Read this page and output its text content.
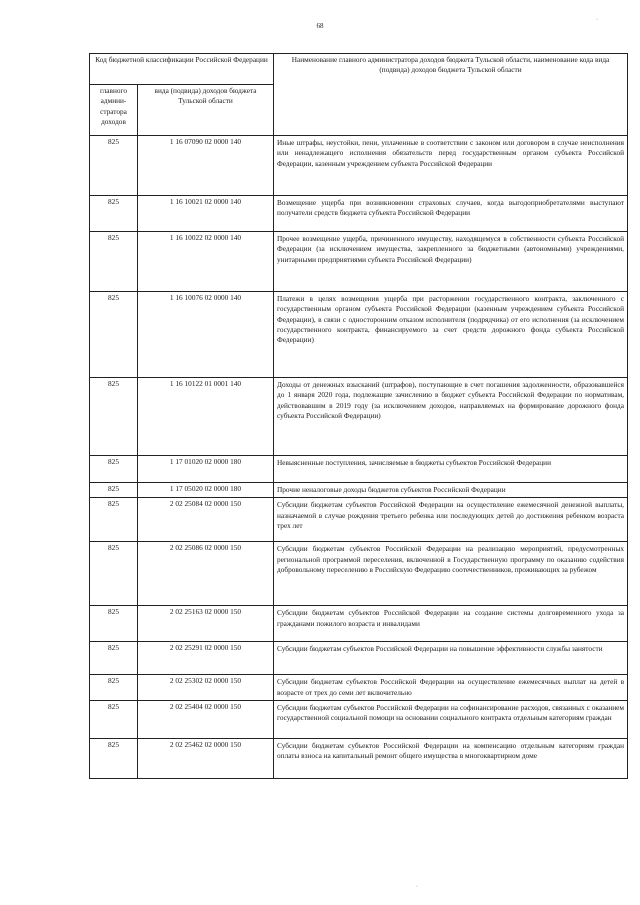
68
Код бюджетной классификации Российской Федерации		Наименование главного администратора доходов бюджета Тульской области, наименование кода вида (подвида) доходов бюджета Тульской области
главного админи-стратора доходов	вида (подвида) доходов бюджета Тульской области	
825	1 16 07090 02 0000 140	Иные штрафы, неустойки, пени, уплаченные в соответствии с законом или договором в случае неисполнения или ненадлежащего исполнения обязательств перед государственным органом субъекта Российской Федерации, казенным учреждением субъекта Российской Федерации
825	1 16 10021 02 0000 140	Возмещение ущерба при возникновении страховых случаев, когда выгодоприобретателями выступают получатели средств бюджета субъекта Российской Федерации
825	1 16 10022 02 0000 140	Прочее возмещение ущерба, причиненного имуществу, находящемуся в собственности субъекта Российской Федерации (за исключением имущества, закрепленного за бюджетными (автономными) учреждениями, унитарными предприятиями субъекта Российской Федерации)
825	1 16 10076 02 0000 140	Платежи в целях возмещения ущерба при расторжении государственного контракта, заключенного с государственным органом субъекта Российской Федерации (казенным учреждением субъекта Российской Федерации), в связи с односторонним отказом исполнителя (подрядчика) от его исполнения (за исключением государственного контракта, финансируемого за счет средств дорожного фонда субъекта Российской Федерации)
825	1 16 10122 01 0001 140	Доходы от денежных взысканий (штрафов), поступающие в счет погашения задолженности, образовавшейся до 1 января 2020 года, подлежащие зачислению в бюджет субъекта Российской Федерации по нормативам, действовавшим в 2019 году (за исключением доходов, направляемых на формирование дорожного фонда субъекта Российской Федерации)
825	1 17 01020 02 0000 180	Невыясненные поступления, зачисляемые в бюджеты субъектов Российской Федерации
825	1 17 05020 02 0000 180	Прочие неналоговые доходы бюджетов субъектов Российской Федерации
825	2 02 25084 02 0000 150	Субсидии бюджетам субъектов Российской Федерации на осуществление ежемесячной денежной выплаты, назначаемой в случае рождения третьего ребенка или последующих детей до достижения ребенком возраста трех лет
825	2 02 25086 02 0000 150	Субсидии бюджетам субъектов Российской Федерации на реализацию мероприятий, предусмотренных региональной программой переселения, включенной в Государственную программу по оказанию содействия добровольному переселению в Российскую Федерацию соотечественников, проживающих за рубежом
825	2 02 25163 02 0000 150	Субсидии бюджетам субъектов Российской Федерации на создание системы долговременного ухода за гражданами пожилого возраста и инвалидами
825	2 02 25291 02 0000 150	Субсидии бюджетам субъектов Российской Федерации на повышение эффективности службы занятости
825	2 02 25302 02 0000 150	Субсидии бюджетам субъектов Российской Федерации на осуществление ежемесячных выплат на детей в возрасте от трех до семи лет включительно
825	2 02 25404 02 0000 150	Субсидии бюджетам субъектов Российской Федерации на софинансирование расходов, связанных с оказанием государственной социальной помощи на основании социального контракта отдельным категориям граждан
825	2 02 25462 02 0000 150	Субсидии бюджетам субъектов Российской Федерации на компенсацию отдельным категориям граждан оплаты взноса на капитальный ремонт общего имущества в многоквартирном доме
·
·
